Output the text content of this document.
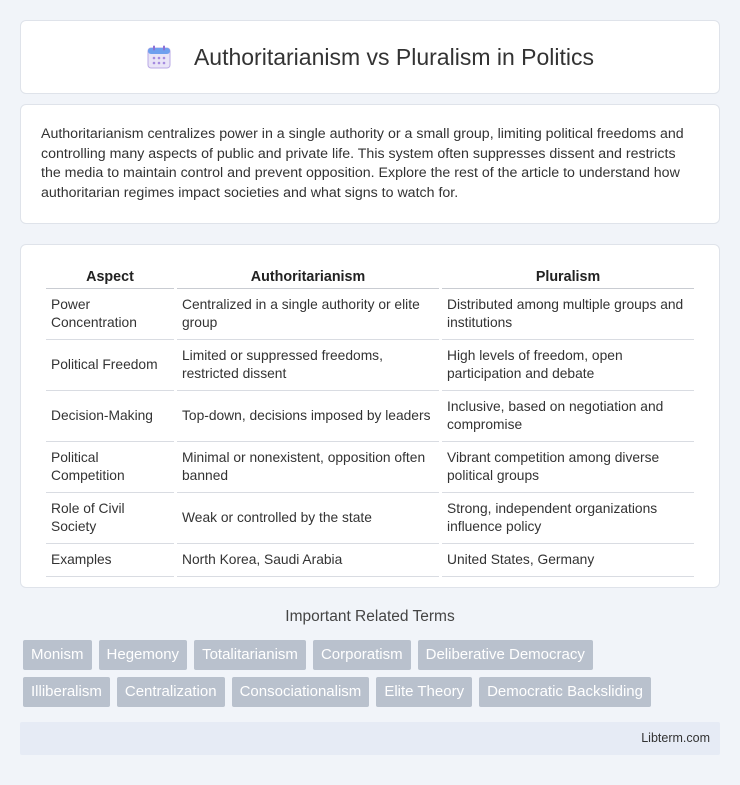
Authoritarianism vs Pluralism in Politics

Authoritarianism centralizes power in a single authority or a small group, limiting political freedoms and controlling many aspects of public and private life. This system often suppresses dissent and restricts the media to maintain control and prevent opposition. Explore the rest of the article to understand how authoritarian regimes impact societies and what signs to watch for.

Aspect	Authoritarianism	Pluralism
Power Concentration	Centralized in a single authority or elite group	Distributed among multiple groups and institutions
Political Freedom	Limited or suppressed freedoms, restricted dissent	High levels of freedom, open participation and debate
Decision-Making	Top-down, decisions imposed by leaders	Inclusive, based on negotiation and compromise
Political Competition	Minimal or nonexistent, opposition often banned	Vibrant competition among diverse political groups
Role of Civil Society	Weak or controlled by the state	Strong, independent organizations influence policy
Examples	North Korea, Saudi Arabia	United States, Germany
Important Related Terms
Monism	Hegemony	Totalitarianism	Corporatism	Deliberative Democracy
Illiberalism	Centralization	Consociationalism	Elite Theory	Democratic Backsliding
Libterm.com
